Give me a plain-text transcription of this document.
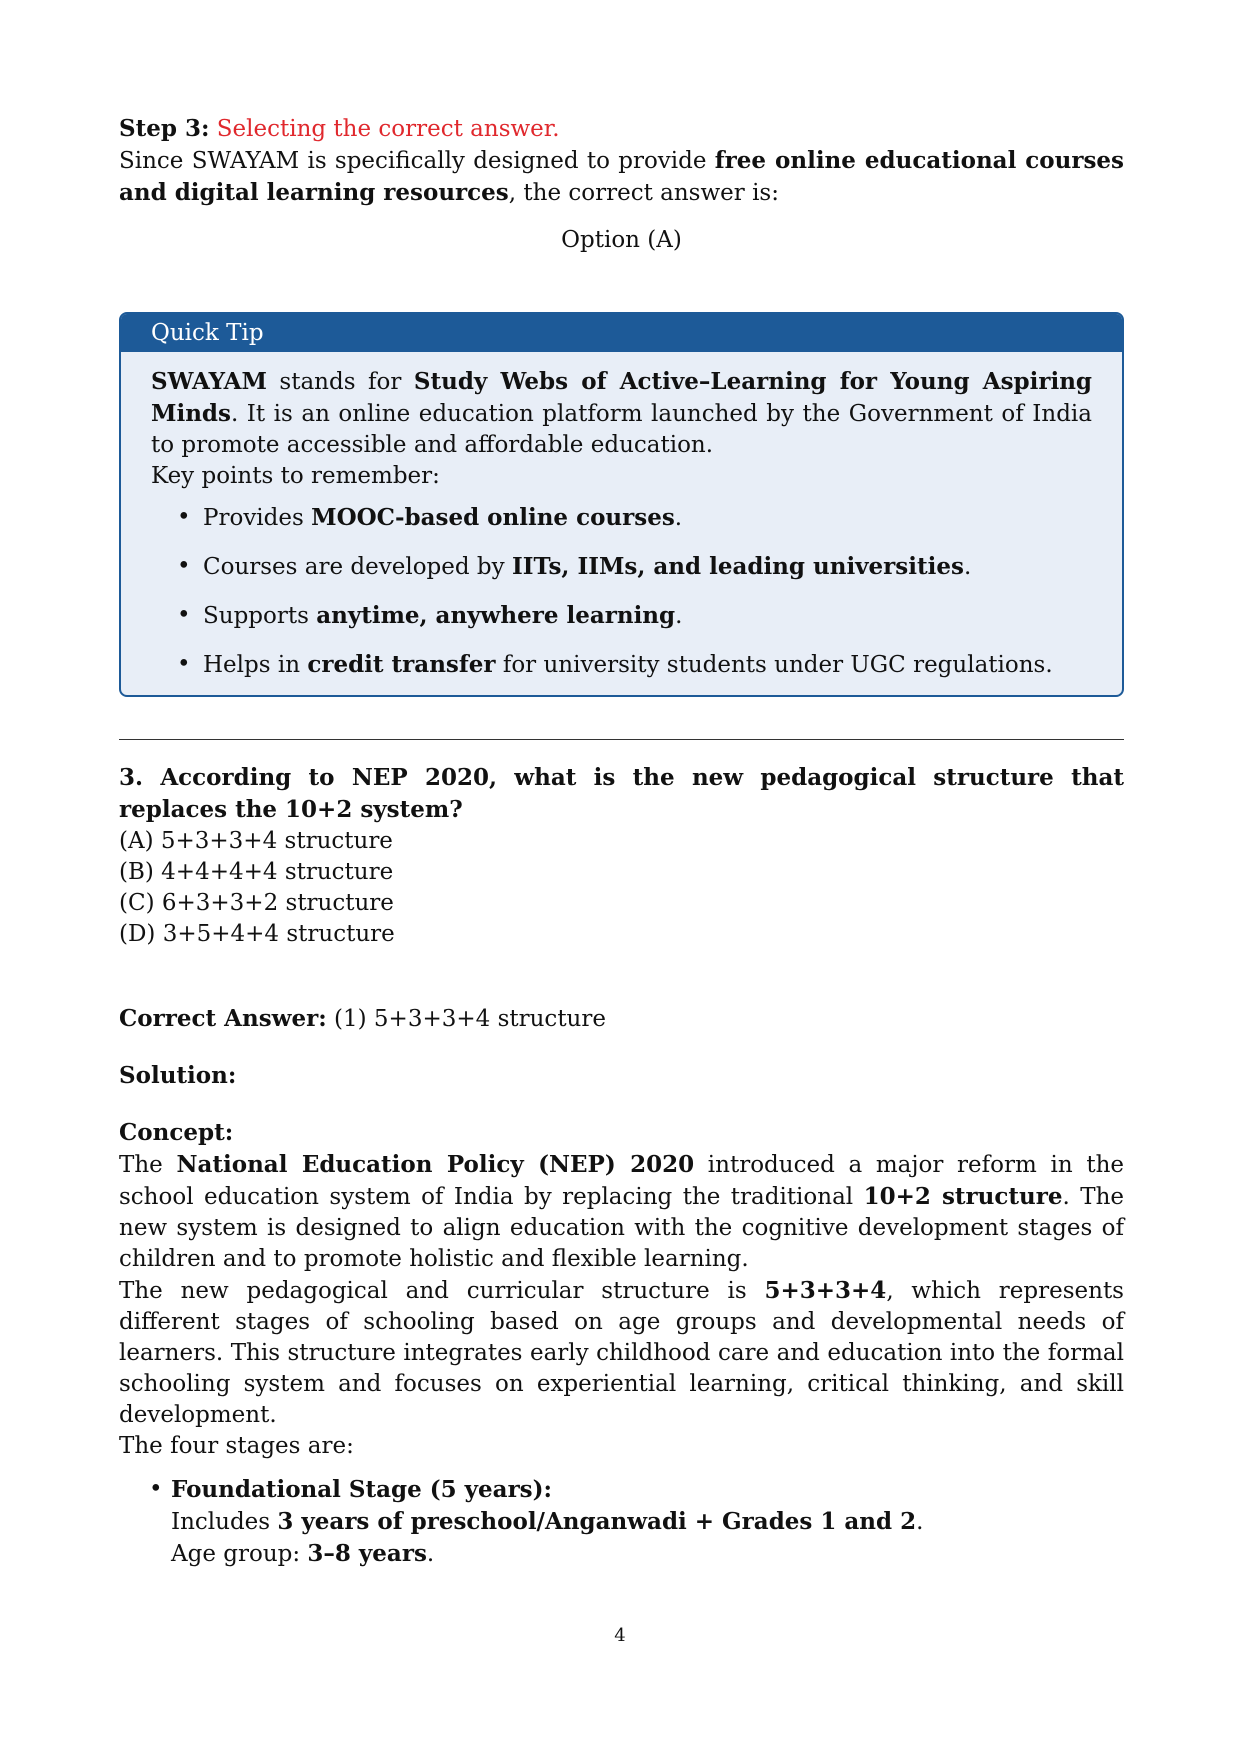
Step 3: Selecting the correct answer.
Since SWAYAM is specifically designed to provide free online educational courses and digital learning resources, the correct answer is:

Option (A)

Quick Tip

SWAYAM stands for Study Webs of Active–Learning for Young Aspiring Minds. It is an online education platform launched by the Government of India to promote accessible and affordable education.

Key points to remember:

• Provides MOOC-based online courses.
• Courses are developed by IITs, IIMs, and leading universities.
• Supports anytime, anywhere learning.
• Helps in credit transfer for university students under UGC regulations.

3. According to NEP 2020, what is the new pedagogical structure that replaces the 10+2 system?

(A) 5+3+3+4 structure
(B) 4+4+4+4 structure
(C) 6+3+3+2 structure
(D) 3+5+4+4 structure

Correct Answer: (1) 5+3+3+4 structure

Solution:

Concept:

The National Education Policy (NEP) 2020 introduced a major reform in the school education system of India by replacing the traditional 10+2 structure. The new system is designed to align education with the cognitive development stages of children and to promote holistic and flexible learning.

The new pedagogical and curricular structure is 5+3+3+4, which represents different stages of schooling based on age groups and developmental needs of learners. This structure integrates early childhood care and education into the formal schooling system and focuses on experiential learning, critical thinking, and skill development.

The four stages are:

• Foundational Stage (5 years):
Includes 3 years of preschool/Anganwadi + Grades 1 and 2.
Age group: 3–8 years.
4
